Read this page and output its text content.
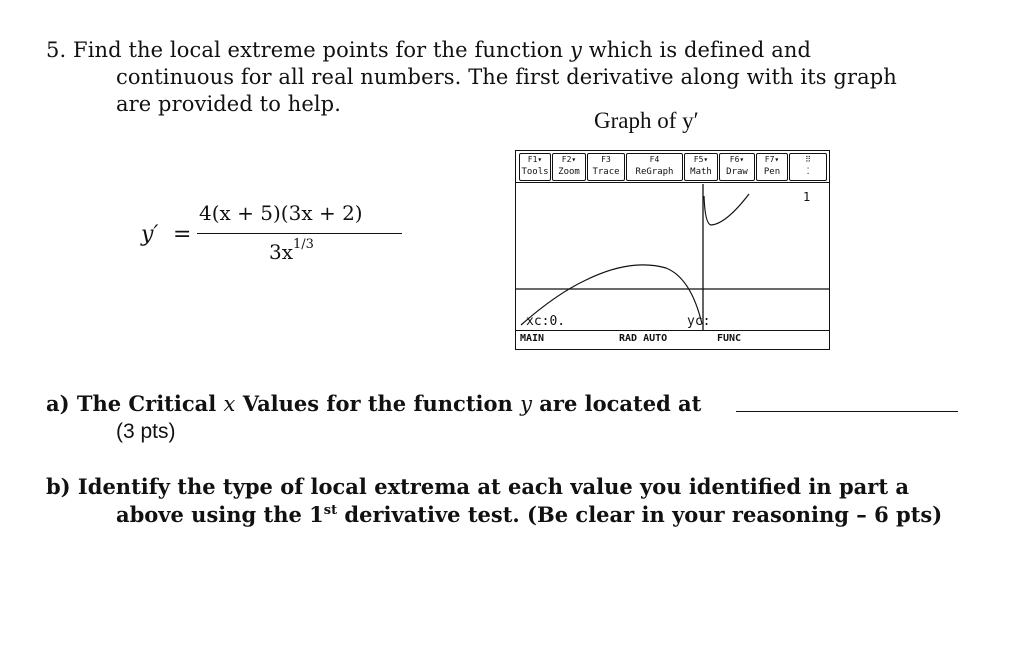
5. Find the local extreme points for the function y which is defined and
continuous for all real numbers. The first derivative along with its graph
are provided to help.
Graph of y′
y′ =
4(x + 5)(3x + 2)
$3x^{1/3}$
F1▾
Tools
F2▾
Zoom
F3
Trace
F4
ReGraph
F5▾
Math
F6▾
Draw
F7▾
Pen
⠿
⁚
1
xc:0.	yc:
MAIN	RAD AUTO	FUNC
a) The Critical x Values for the function y are located at
(3 pts)
b) Identify the type of local extrema at each value you identified in part a
above using the 1st derivative test. (Be clear in your reasoning – 6 pts)
